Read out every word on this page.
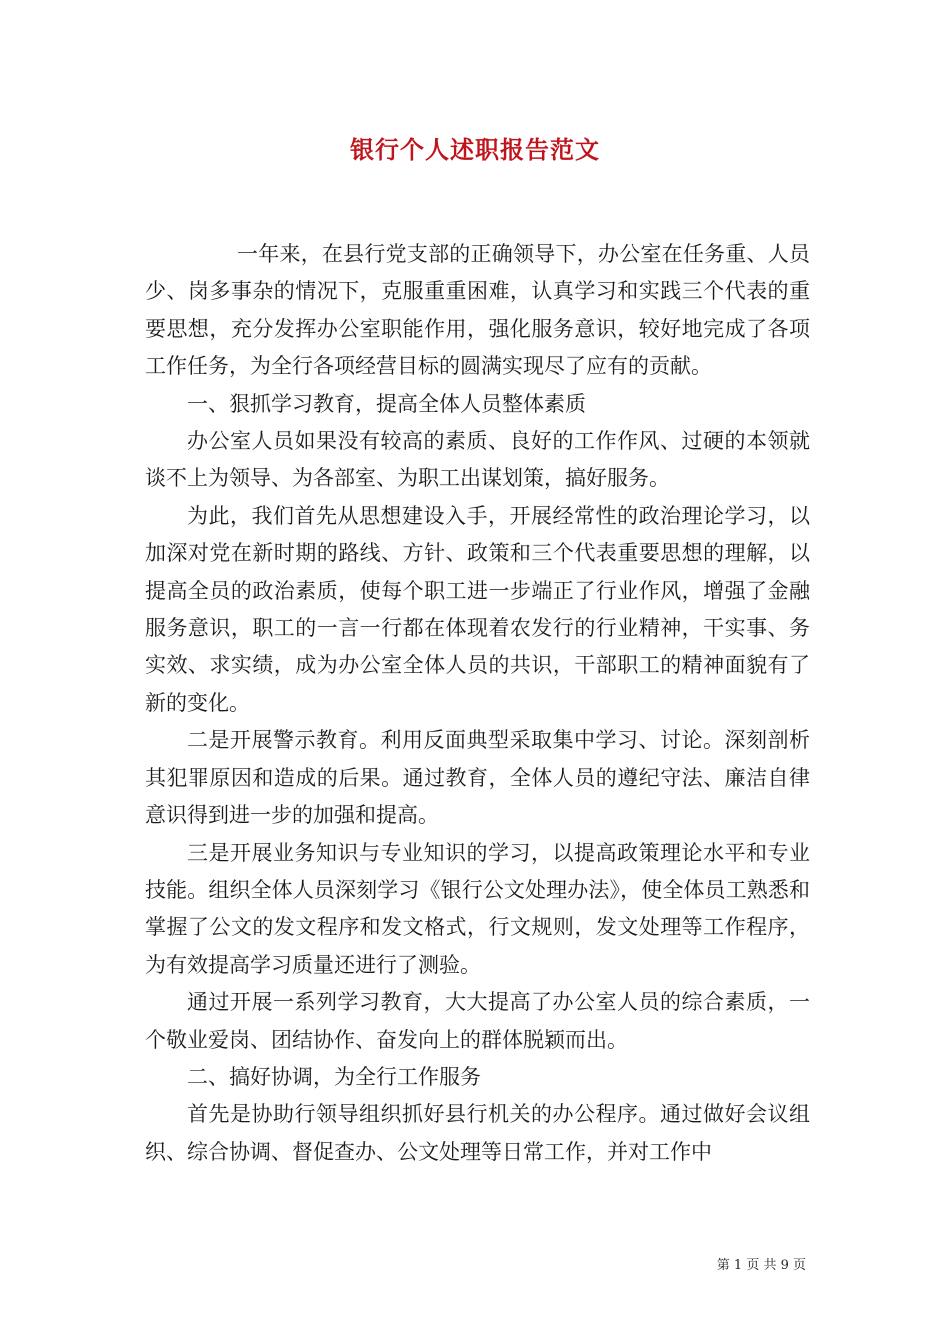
银行个人述职报告范文

一年来，在县行党支部的正确领导下，办公室在任务重、人员少、岗多事杂的情况下，克服重重困难，认真学习和实践三个代表的重要思想，充分发挥办公室职能作用，强化服务意识，较好地完成了各项工作任务，为全行各项经营目标的圆满实现尽了应有的贡献。

一、狠抓学习教育，提高全体人员整体素质

办公室人员如果没有较高的素质、良好的工作作风、过硬的本领就谈不上为领导、为各部室、为职工出谋划策，搞好服务。

为此，我们首先从思想建设入手，开展经常性的政治理论学习，以加深对党在新时期的路线、方针、政策和三个代表重要思想的理解，以提高全员的政治素质，使每个职工进一步端正了行业作风，增强了金融服务意识，职工的一言一行都在体现着农发行的行业精神，干实事、务实效、求实绩，成为办公室全体人员的共识，干部职工的精神面貌有了新的变化。

二是开展警示教育。利用反面典型采取集中学习、讨论。深刻剖析其犯罪原因和造成的后果。通过教育，全体人员的遵纪守法、廉洁自律意识得到进一步的加强和提高。

三是开展业务知识与专业知识的学习，以提高政策理论水平和专业技能。组织全体人员深刻学习《银行公文处理办法》，使全体员工熟悉和掌握了公文的发文程序和发文格式，行文规则，发文处理等工作程序，为有效提高学习质量还进行了测验。

通过开展一系列学习教育，大大提高了办公室人员的综合素质，一个敬业爱岗、团结协作、奋发向上的群体脱颖而出。

二、搞好协调，为全行工作服务

首先是协助行领导组织抓好县行机关的办公程序。通过做好会议组织、综合协调、督促查办、公文处理等日常工作，并对工作中

第 1 页 共 9 页
